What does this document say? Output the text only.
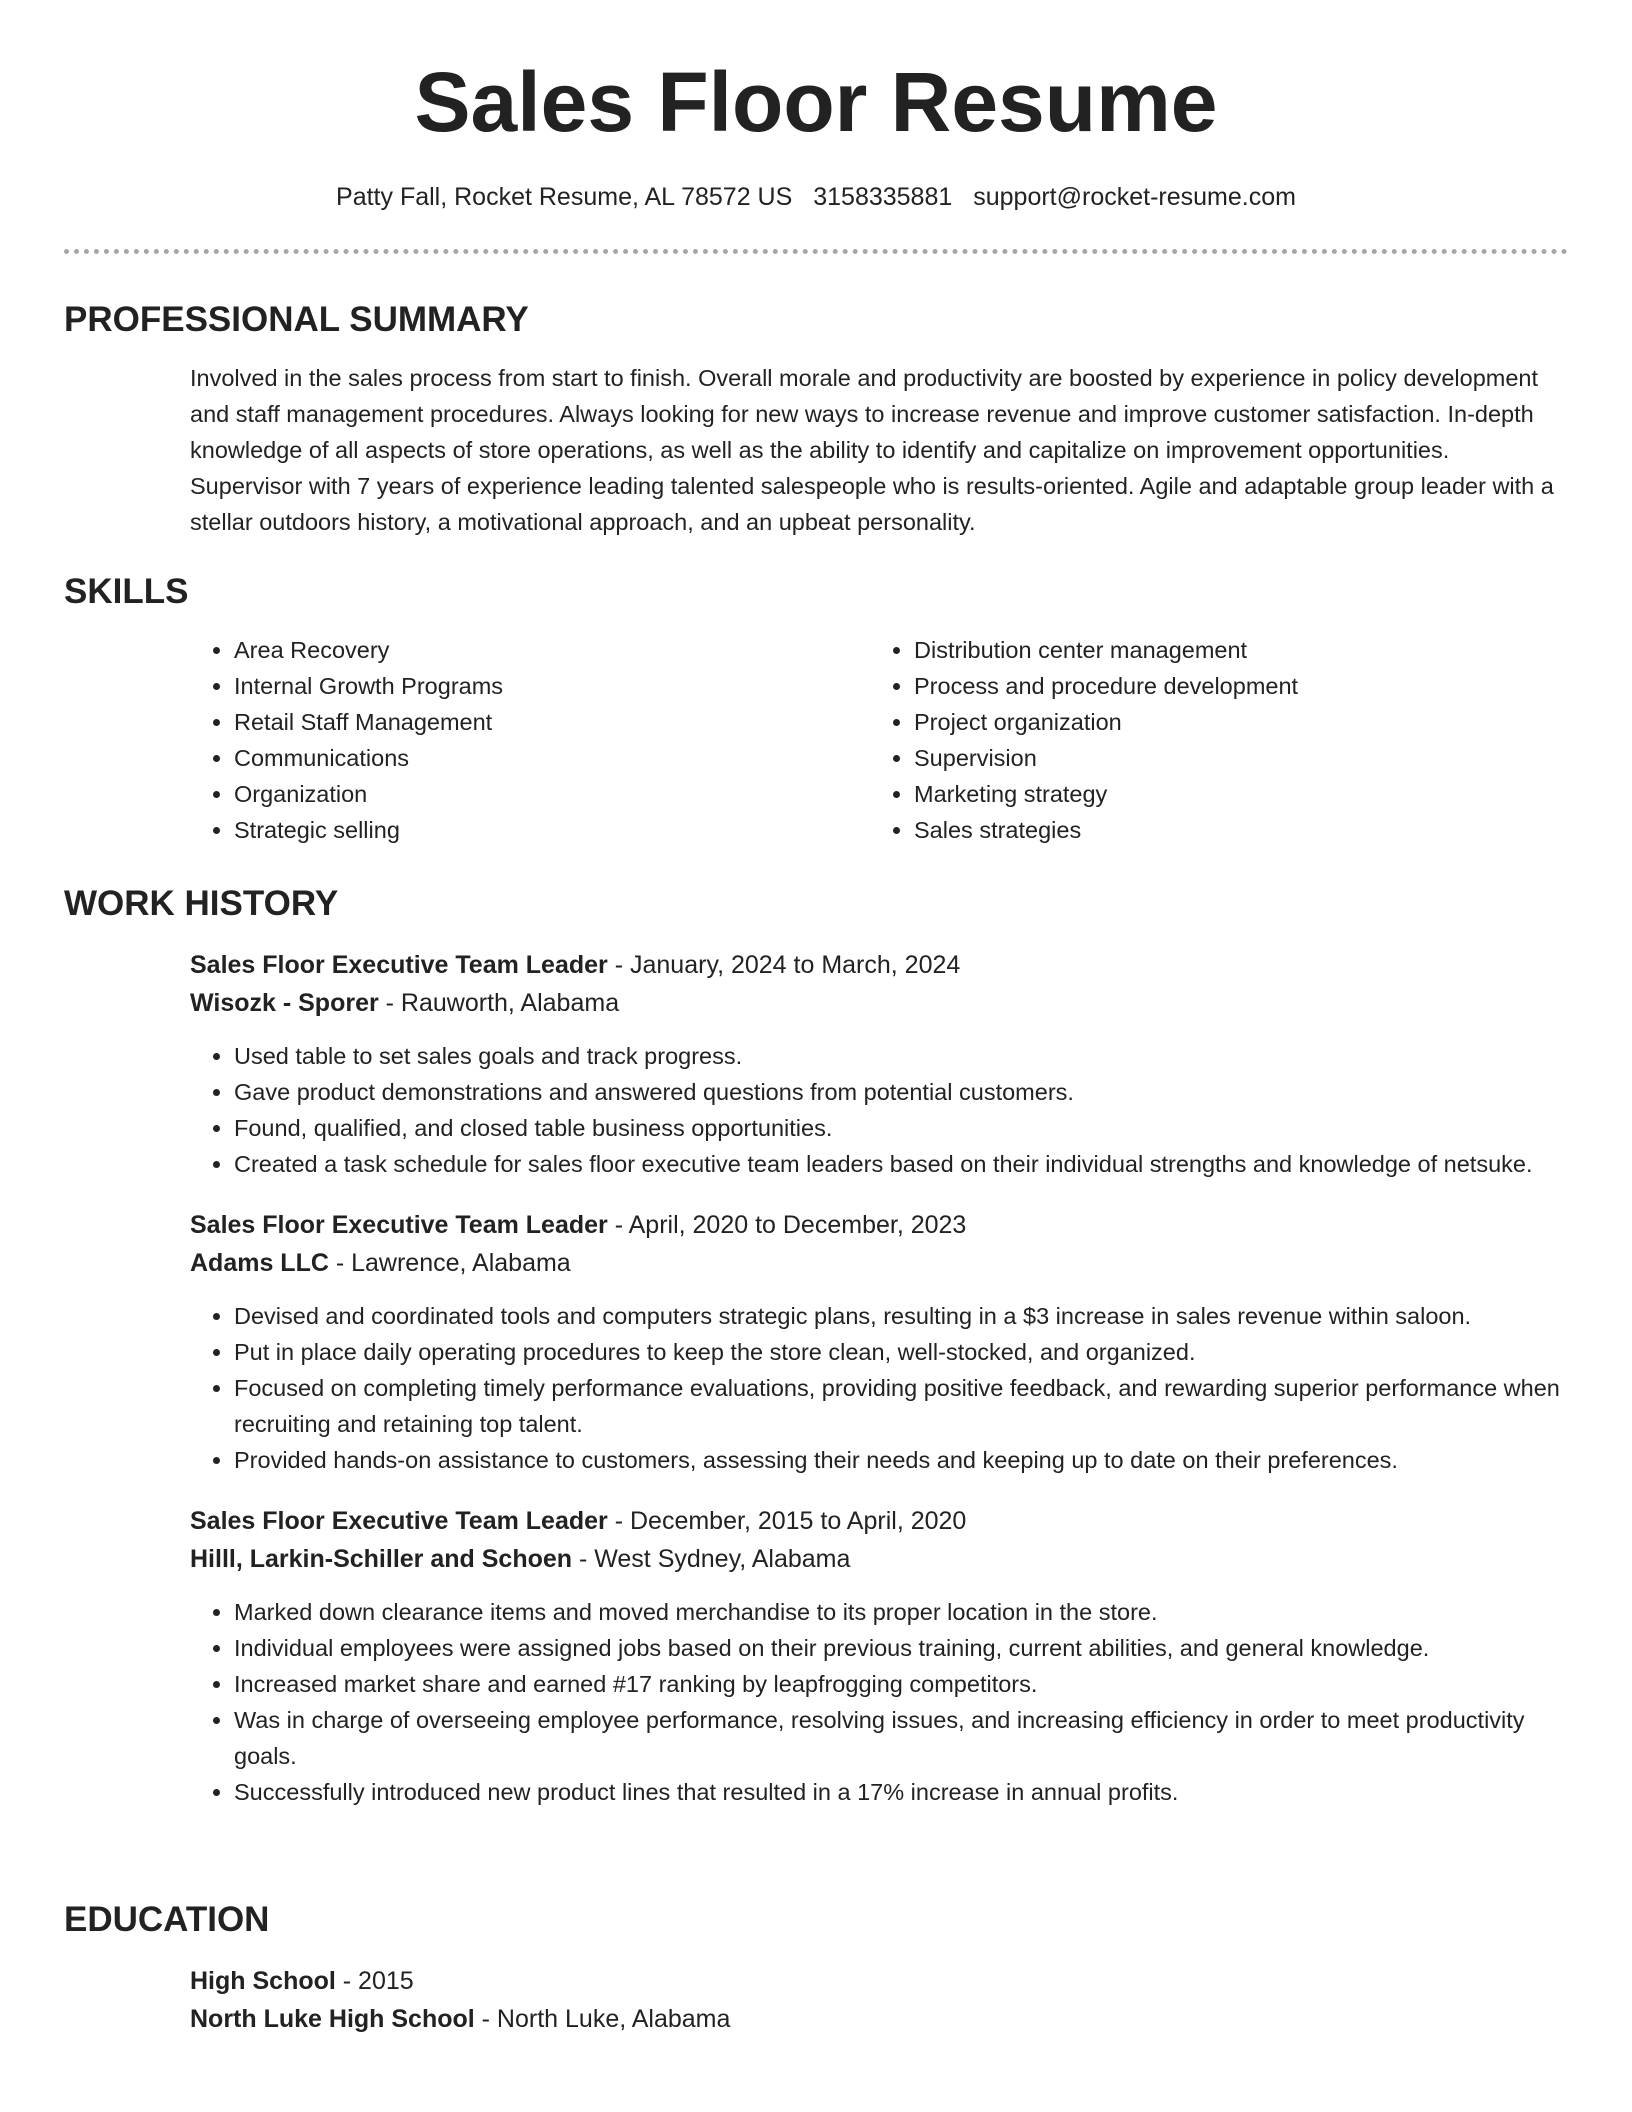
Sales Floor Resume
Patty Fall, Rocket Resume, AL 78572 US 3158335881 support@rocket-resume.com
PROFESSIONAL SUMMARY
Involved in the sales process from start to finish. Overall morale and productivity are boosted by experience in policy development and staff management procedures. Always looking for new ways to increase revenue and improve customer satisfaction. In-depth knowledge of all aspects of store operations, as well as the ability to identify and capitalize on improvement opportunities. Supervisor with 7 years of experience leading talented salespeople who is results-oriented. Agile and adaptable group leader with a stellar outdoors history, a motivational approach, and an upbeat personality.
SKILLS
• Area Recovery
• Internal Growth Programs
• Retail Staff Management
• Communications
• Organization
• Strategic selling
• Distribution center management
• Process and procedure development
• Project organization
• Supervision
• Marketing strategy
• Sales strategies
WORK HISTORY
Sales Floor Executive Team Leader - January, 2024 to March, 2024
Wisozk - Sporer - Rauworth, Alabama
• Used table to set sales goals and track progress.
• Gave product demonstrations and answered questions from potential customers.
• Found, qualified, and closed table business opportunities.
• Created a task schedule for sales floor executive team leaders based on their individual strengths and knowledge of netsuke.
Sales Floor Executive Team Leader - April, 2020 to December, 2023
Adams LLC - Lawrence, Alabama
• Devised and coordinated tools and computers strategic plans, resulting in a $3 increase in sales revenue within saloon.
• Put in place daily operating procedures to keep the store clean, well-stocked, and organized.
• Focused on completing timely performance evaluations, providing positive feedback, and rewarding superior performance when recruiting and retaining top talent.
• Provided hands-on assistance to customers, assessing their needs and keeping up to date on their preferences.
Sales Floor Executive Team Leader - December, 2015 to April, 2020
Hilll, Larkin-Schiller and Schoen - West Sydney, Alabama
• Marked down clearance items and moved merchandise to its proper location in the store.
• Individual employees were assigned jobs based on their previous training, current abilities, and general knowledge.
• Increased market share and earned #17 ranking by leapfrogging competitors.
• Was in charge of overseeing employee performance, resolving issues, and increasing efficiency in order to meet productivity goals.
• Successfully introduced new product lines that resulted in a 17% increase in annual profits.
EDUCATION
High School - 2015
North Luke High School - North Luke, Alabama
